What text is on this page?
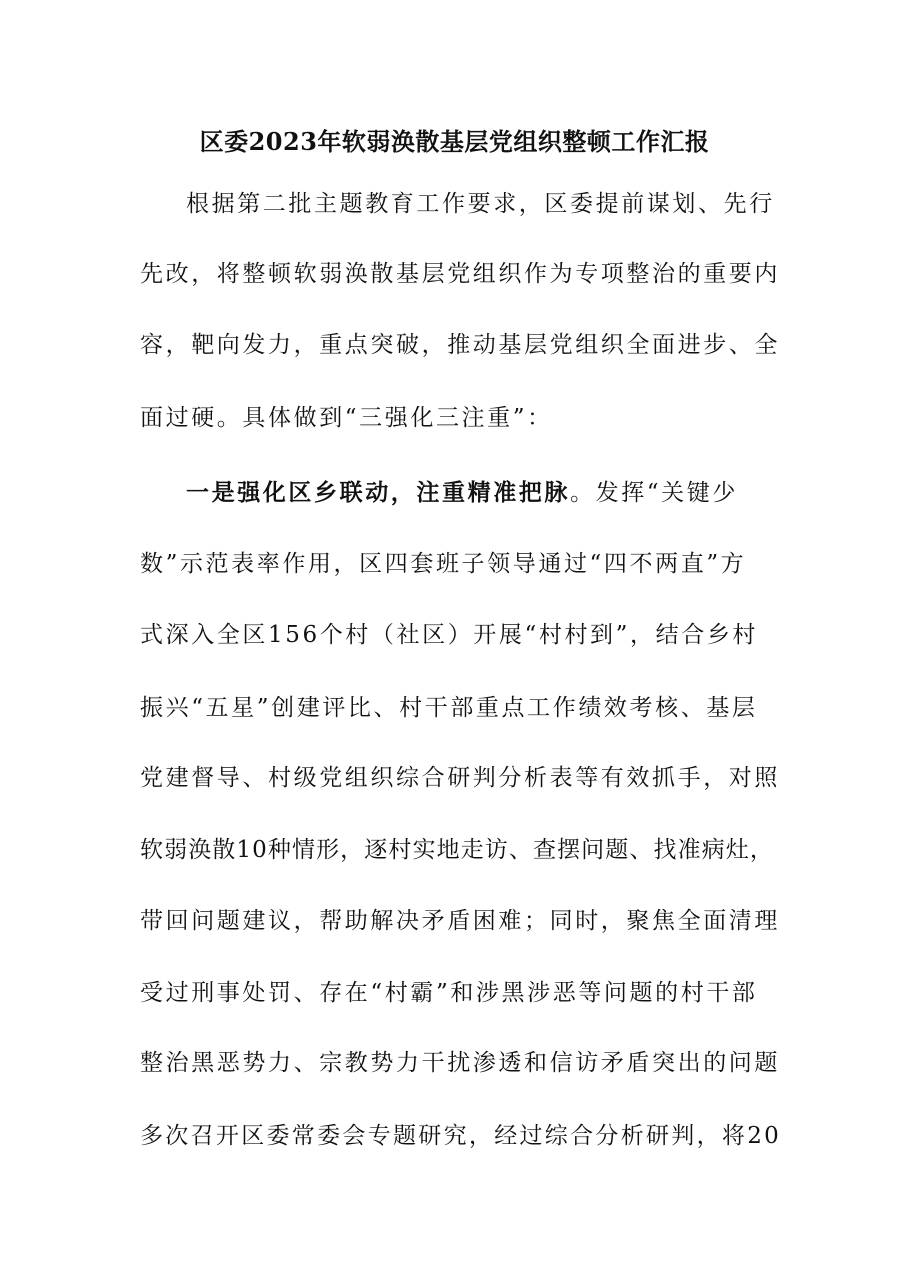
区委2023年软弱涣散基层党组织整顿工作汇报
根据第二批主题教育工作要求，区委提前谋划、先行
先改，将整顿软弱涣散基层党组织作为专项整治的重要内
容，靶向发力，重点突破，推动基层党组织全面进步、全
面过硬。具体做到“三强化三注重”：
一是强化区乡联动，注重精准把脉。发挥“关键少
数”示范表率作用，区四套班子领导通过“四不两直”方
式深入全区156个村（社区）开展“村村到”，结合乡村
振兴“五星”创建评比、村干部重点工作绩效考核、基层
党建督导、村级党组织综合研判分析表等有效抓手，对照
软弱涣散10种情形，逐村实地走访、查摆问题、找准病灶，
带回问题建议，帮助解决矛盾困难；同时，聚焦全面清理
受过刑事处罚、存在“村霸”和涉黑涉恶等问题的村干部
整治黑恶势力、宗教势力干扰渗透和信访矛盾突出的问题
多次召开区委常委会专题研究，经过综合分析研判，将20
